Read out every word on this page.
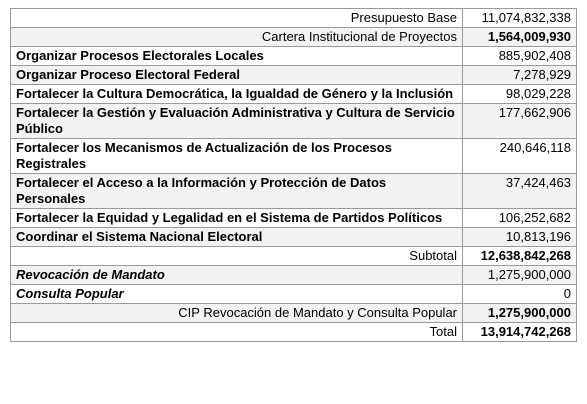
Presupuesto Base	11,074,832,338
Cartera Institucional de Proyectos	1,564,009,930
Organizar Procesos Electorales Locales	885,902,408
Organizar Proceso Electoral Federal	7,278,929
Fortalecer la Cultura Democrática, la Igualdad de Género y la Inclusión	98,029,228
Fortalecer la Gestión y Evaluación Administrativa y Cultura de Servicio Público	177,662,906
Fortalecer los Mecanismos de Actualización de los Procesos Registrales	240,646,118
Fortalecer el Acceso a la Información y Protección de Datos Personales	37,424,463
Fortalecer la Equidad y Legalidad en el Sistema de Partidos Políticos	106,252,682
Coordinar el Sistema Nacional Electoral	10,813,196
Subtotal	12,638,842,268
Revocación de Mandato	1,275,900,000
Consulta Popular	0
CIP Revocación de Mandato y Consulta Popular	1,275,900,000
Total	13,914,742,268
